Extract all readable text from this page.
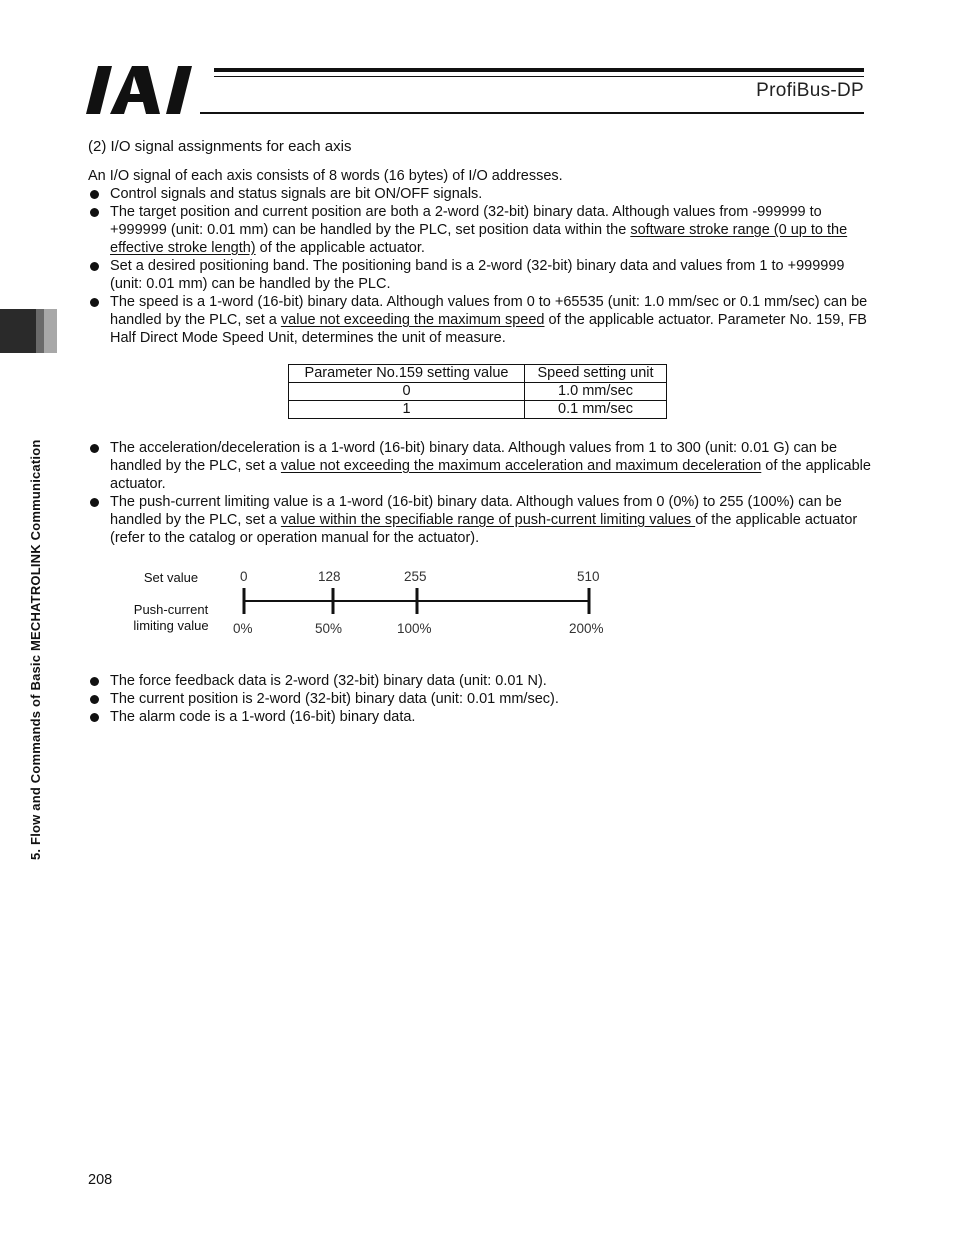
ProfiBus-DP
5. Flow and Commands of Basic MECHATROLINK Communication
(2) I/O signal assignments for each axis
An I/O signal of each axis consists of 8 words (16 bytes) of I/O addresses.
Control signals and status signals are bit ON/OFF signals.
The target position and current position are both a 2-word (32-bit) binary data. Although values from -999999 to +999999 (unit: 0.01 mm) can be handled by the PLC, set position data within the software stroke range (0 up to the effective stroke length) of the applicable actuator.
Set a desired positioning band. The positioning band is a 2-word (32-bit) binary data and values from 1 to +999999 (unit: 0.01 mm) can be handled by the PLC.
The speed is a 1-word (16-bit) binary data. Although values from 0 to +65535 (unit: 1.0 mm/sec or 0.1 mm/sec) can be handled by the PLC, set a value not exceeding the maximum speed of the applicable actuator. Parameter No. 159, FB Half Direct Mode Speed Unit, determines the unit of measure.
Parameter No.159 setting value	Speed setting unit
0	1.0 mm/sec
1	0.1 mm/sec
The acceleration/deceleration is a 1-word (16-bit) binary data. Although values from 1 to 300 (unit: 0.01 G) can be handled by the PLC, set a value not exceeding the maximum acceleration and maximum deceleration of the applicable actuator.
The push-current limiting value is a 1-word (16-bit) binary data. Although values from 0 (0%) to 255 (100%) can be handled by the PLC, set a value within the specifiable range of push-current limiting values of the applicable actuator (refer to the catalog or operation manual for the actuator).
Set value
Push-current
limiting value
0	128	255	510
0%	50%	100%	200%
The force feedback data is 2-word (32-bit) binary data (unit: 0.01 N).
The current position is 2-word (32-bit) binary data (unit: 0.01 mm/sec).
The alarm code is a 1-word (16-bit) binary data.
208
